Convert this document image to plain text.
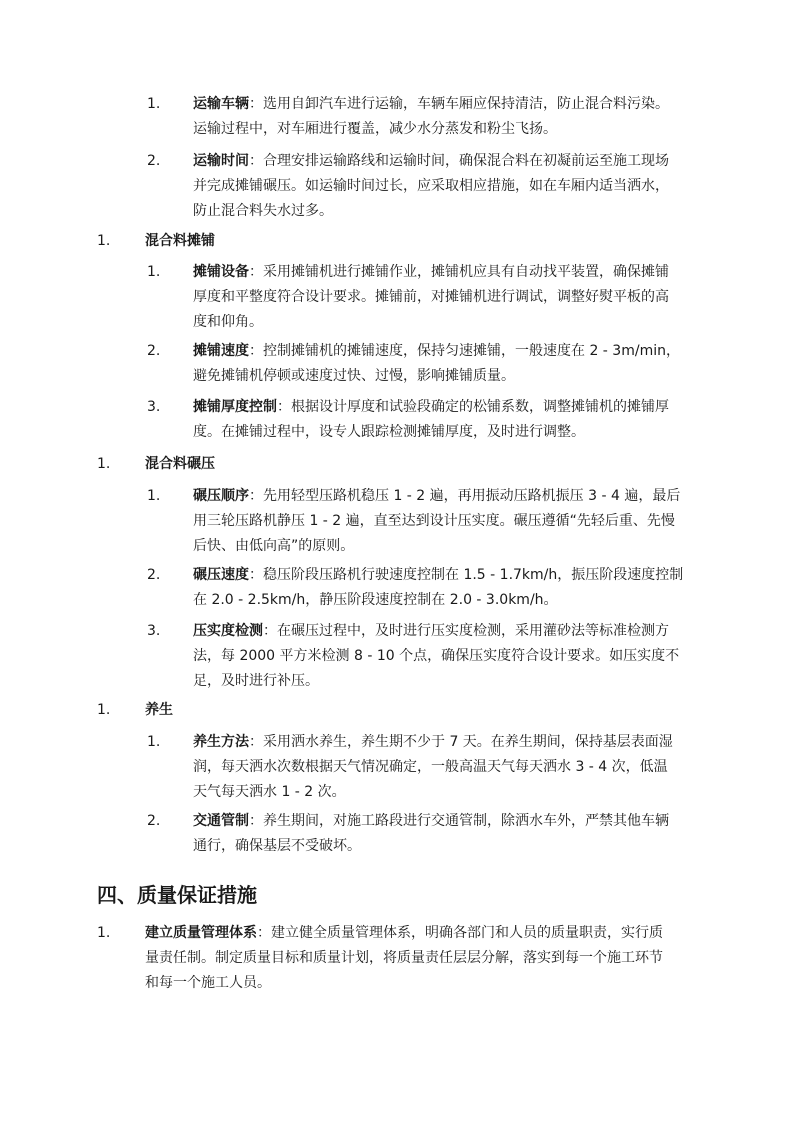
1. 运输车辆：选用自卸汽车进行运输，车辆车厢应保持清洁，防止混合料污染。
运输过程中，对车厢进行覆盖，减少水分蒸发和粉尘飞扬。
2. 运输时间：合理安排运输路线和运输时间，确保混合料在初凝前运至施工现场
并完成摊铺碾压。如运输时间过长，应采取相应措施，如在车厢内适当洒水，
防止混合料失水过多。
1. 混合料摊铺
1. 摊铺设备：采用摊铺机进行摊铺作业，摊铺机应具有自动找平装置，确保摊铺
厚度和平整度符合设计要求。摊铺前，对摊铺机进行调试，调整好熨平板的高
度和仰角。
2. 摊铺速度：控制摊铺机的摊铺速度，保持匀速摊铺，一般速度在 2 - 3m/min，
避免摊铺机停顿或速度过快、过慢，影响摊铺质量。
3. 摊铺厚度控制：根据设计厚度和试验段确定的松铺系数，调整摊铺机的摊铺厚
度。在摊铺过程中，设专人跟踪检测摊铺厚度，及时进行调整。
1. 混合料碾压
1. 碾压顺序：先用轻型压路机稳压 1 - 2 遍，再用振动压路机振压 3 - 4 遍，最后
用三轮压路机静压 1 - 2 遍，直至达到设计压实度。碾压遵循“先轻后重、先慢
后快、由低向高”的原则。
2. 碾压速度：稳压阶段压路机行驶速度控制在 1.5 - 1.7km/h，振压阶段速度控制
在 2.0 - 2.5km/h，静压阶段速度控制在 2.0 - 3.0km/h。
3. 压实度检测：在碾压过程中，及时进行压实度检测，采用灌砂法等标准检测方
法，每 2000 平方米检测 8 - 10 个点，确保压实度符合设计要求。如压实度不
足，及时进行补压。
1. 养生
1. 养生方法：采用洒水养生，养生期不少于 7 天。在养生期间，保持基层表面湿
润，每天洒水次数根据天气情况确定，一般高温天气每天洒水 3 - 4 次，低温
天气每天洒水 1 - 2 次。
2. 交通管制：养生期间，对施工路段进行交通管制，除洒水车外，严禁其他车辆
通行，确保基层不受破坏。
四、质量保证措施
1. 建立质量管理体系：建立健全质量管理体系，明确各部门和人员的质量职责，实行质
量责任制。制定质量目标和质量计划，将质量责任层层分解，落实到每一个施工环节
和每一个施工人员。
